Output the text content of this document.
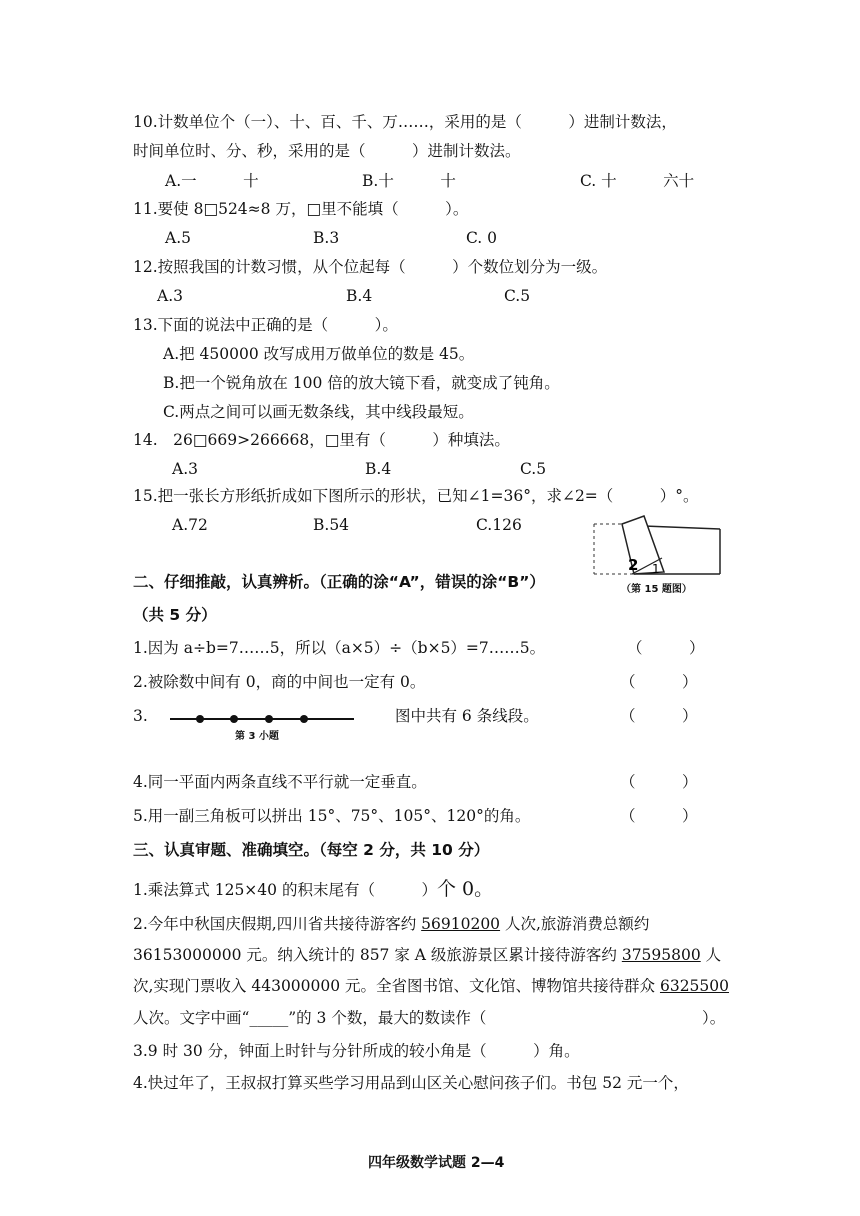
10.计数单位个（一）、十、百、千、万……，采用的是（　　　）进制计数法，
时间单位时、分、秒，采用的是（　　　）进制计数法。
A.一　　　十	B.十　　　十	C. 十　　　六十
11.要使 8□524≈8 万，□里不能填（　　　）。
A.5	B.3	C. 0
12.按照我国的计数习惯，从个位起每（　　　）个数位划分为一级。
A.3	B.4	C.5
13.下面的说法中正确的是（　　　）。
A.把 450000 改写成用万做单位的数是 45。
B.把一个锐角放在 100 倍的放大镜下看，就变成了钝角。
C.两点之间可以画无数条线，其中线段最短。
14.　26□669>266668，□里有（　　　）种填法。
A.3	B.4	C.5
15.把一张长方形纸折成如下图所示的形状，已知∠1=36°，求∠2=（　　　）°。
A.72	B.54	C.126
2 1
（第 15 题图）
二、仔细推敲，认真辨析。（正确的涂“A”，错误的涂“B”）
（共 5 分）
1.因为 a÷b=7……5，所以（a×5）÷（b×5）=7……5。	（　　　）
2.被除数中间有 0，商的中间也一定有 0。	（　　　）
3.
第 3 小题
图中共有 6 条线段。	（　　　）
4.同一平面内两条直线不平行就一定垂直。	（　　　）
5.用一副三角板可以拼出 15°、75°、105°、120°的角。	（　　　）
三、认真审题、准确填空。（每空 2 分，共 10 分）
1.乘法算式 125×40 的积末尾有（　　　）个 0。
2.今年中秋国庆假期,四川省共接待游客约 56910200 人次,旅游消费总额约
36153000000 元。纳入统计的 857 家 A 级旅游景区累计接待游客约 37595800 人
次,实现门票收入 443000000 元。全省图书馆、文化馆、博物馆共接待群众 6325500
人次。文字中画“_____”的 3 个数，最大的数读作（	）。
3.9 时 30 分，钟面上时针与分针所成的较小角是（　　　）角。
4.快过年了，王叔叔打算买些学习用品到山区关心慰问孩子们。书包 52 元一个，
四年级数学试题 2—4
